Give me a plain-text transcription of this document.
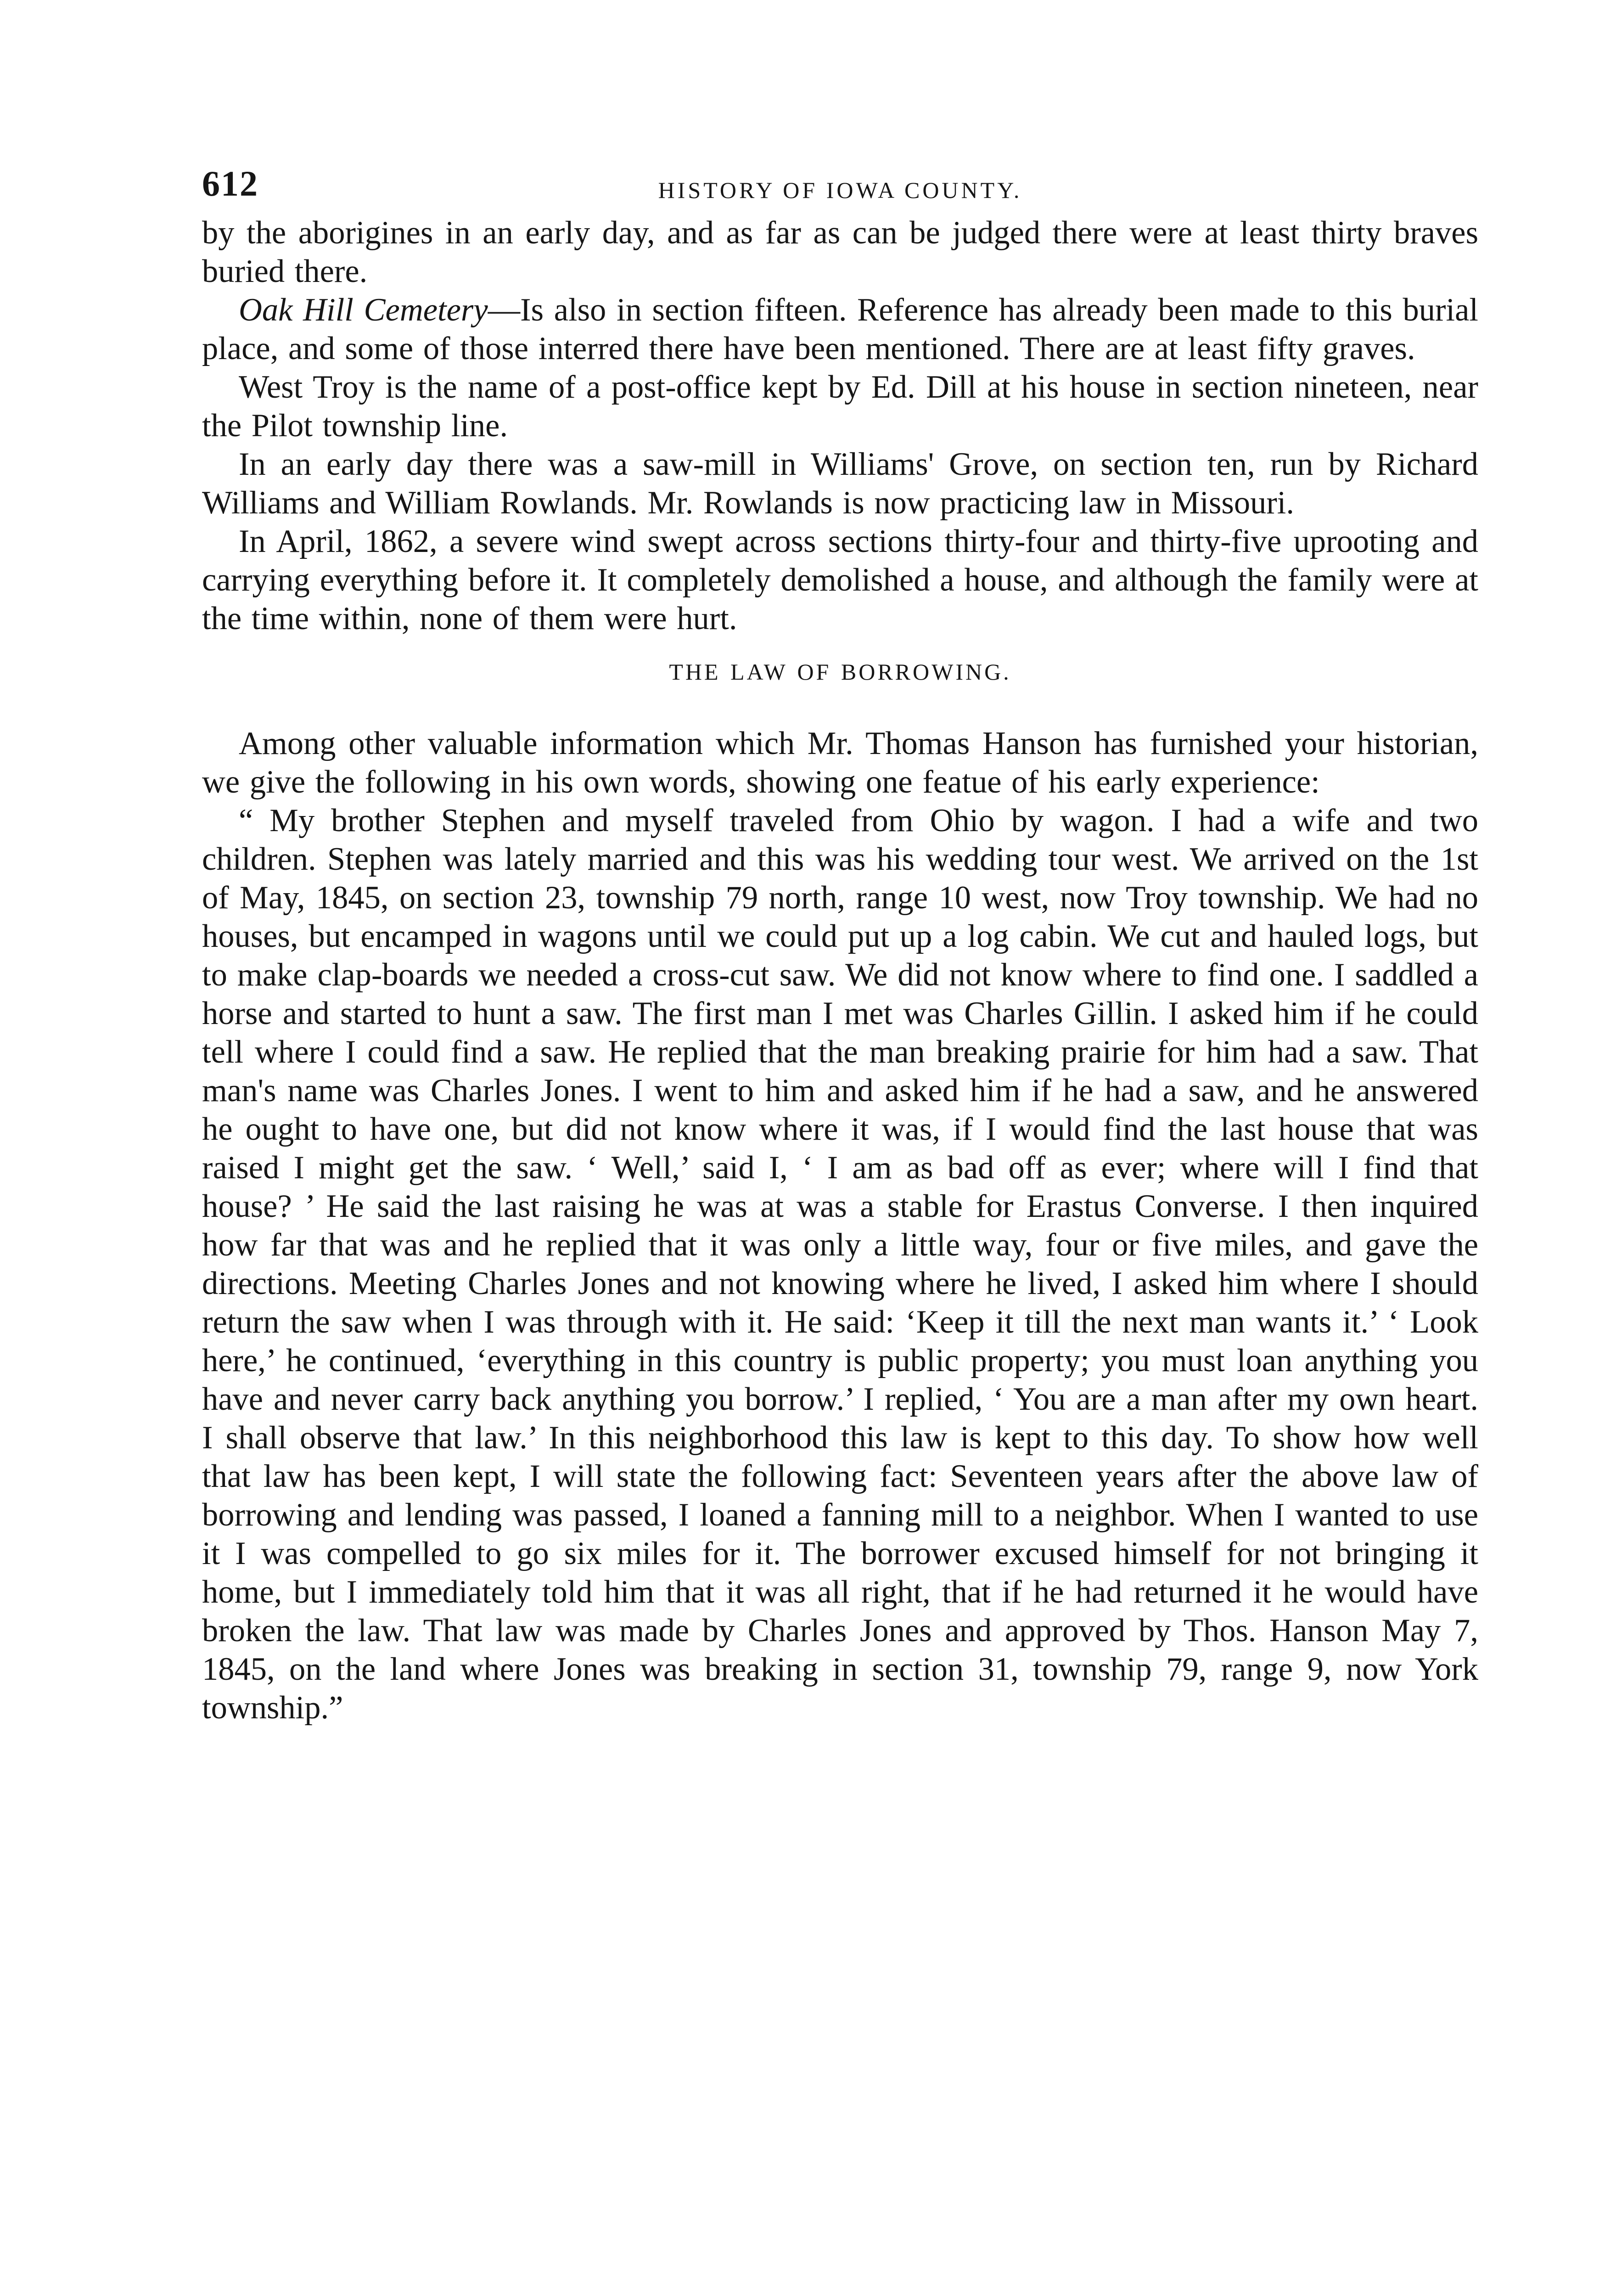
612	HISTORY OF IOWA COUNTY.

by the aborigines in an early day, and as far as can be judged there were at least thirty braves buried there.

Oak Hill Cemetery—Is also in section fifteen. Reference has already been made to this burial place, and some of those interred there have been mentioned. There are at least fifty graves.

West Troy is the name of a post-office kept by Ed. Dill at his house in section nineteen, near the Pilot township line.

In an early day there was a saw-mill in Williams' Grove, on section ten, run by Richard Williams and William Rowlands. Mr. Rowlands is now practicing law in Missouri.

In April, 1862, a severe wind swept across sections thirty-four and thirty-five uprooting and carrying everything before it. It completely demolished a house, and although the family were at the time within, none of them were hurt.

THE LAW OF BORROWING.

Among other valuable information which Mr. Thomas Hanson has furnished your historian, we give the following in his own words, showing one featue of his early experience:

“ My brother Stephen and myself traveled from Ohio by wagon. I had a wife and two children. Stephen was lately married and this was his wedding tour west. We arrived on the 1st of May, 1845, on section 23, township 79 north, range 10 west, now Troy township. We had no houses, but encamped in wagons until we could put up a log cabin. We cut and hauled logs, but to make clap-boards we needed a cross-cut saw. We did not know where to find one. I saddled a horse and started to hunt a saw. The first man I met was Charles Gillin. I asked him if he could tell where I could find a saw. He replied that the man breaking prairie for him had a saw. That man's name was Charles Jones. I went to him and asked him if he had a saw, and he answered he ought to have one, but did not know where it was, if I would find the last house that was raised I might get the saw. ‘ Well,’ said I, ‘ I am as bad off as ever; where will I find that house? ’ He said the last raising he was at was a stable for Erastus Converse. I then inquired how far that was and he replied that it was only a little way, four or five miles, and gave the directions. Meeting Charles Jones and not knowing where he lived, I asked him where I should return the saw when I was through with it. He said: ‘Keep it till the next man wants it.’ ‘ Look here,’ he continued, ‘everything in this country is public property; you must loan anything you have and never carry back anything you borrow.’ I replied, ‘ You are a man after my own heart. I shall observe that law.’ In this neighborhood this law is kept to this day. To show how well that law has been kept, I will state the following fact: Seventeen years after the above law of borrowing and lending was passed, I loaned a fanning mill to a neighbor. When I wanted to use it I was compelled to go six miles for it. The borrower excused himself for not bringing it home, but I immediately told him that it was all right, that if he had returned it he would have broken the law. That law was made by Charles Jones and approved by Thos. Hanson May 7, 1845, on the land where Jones was breaking in section 31, township 79, range 9, now York township.”
